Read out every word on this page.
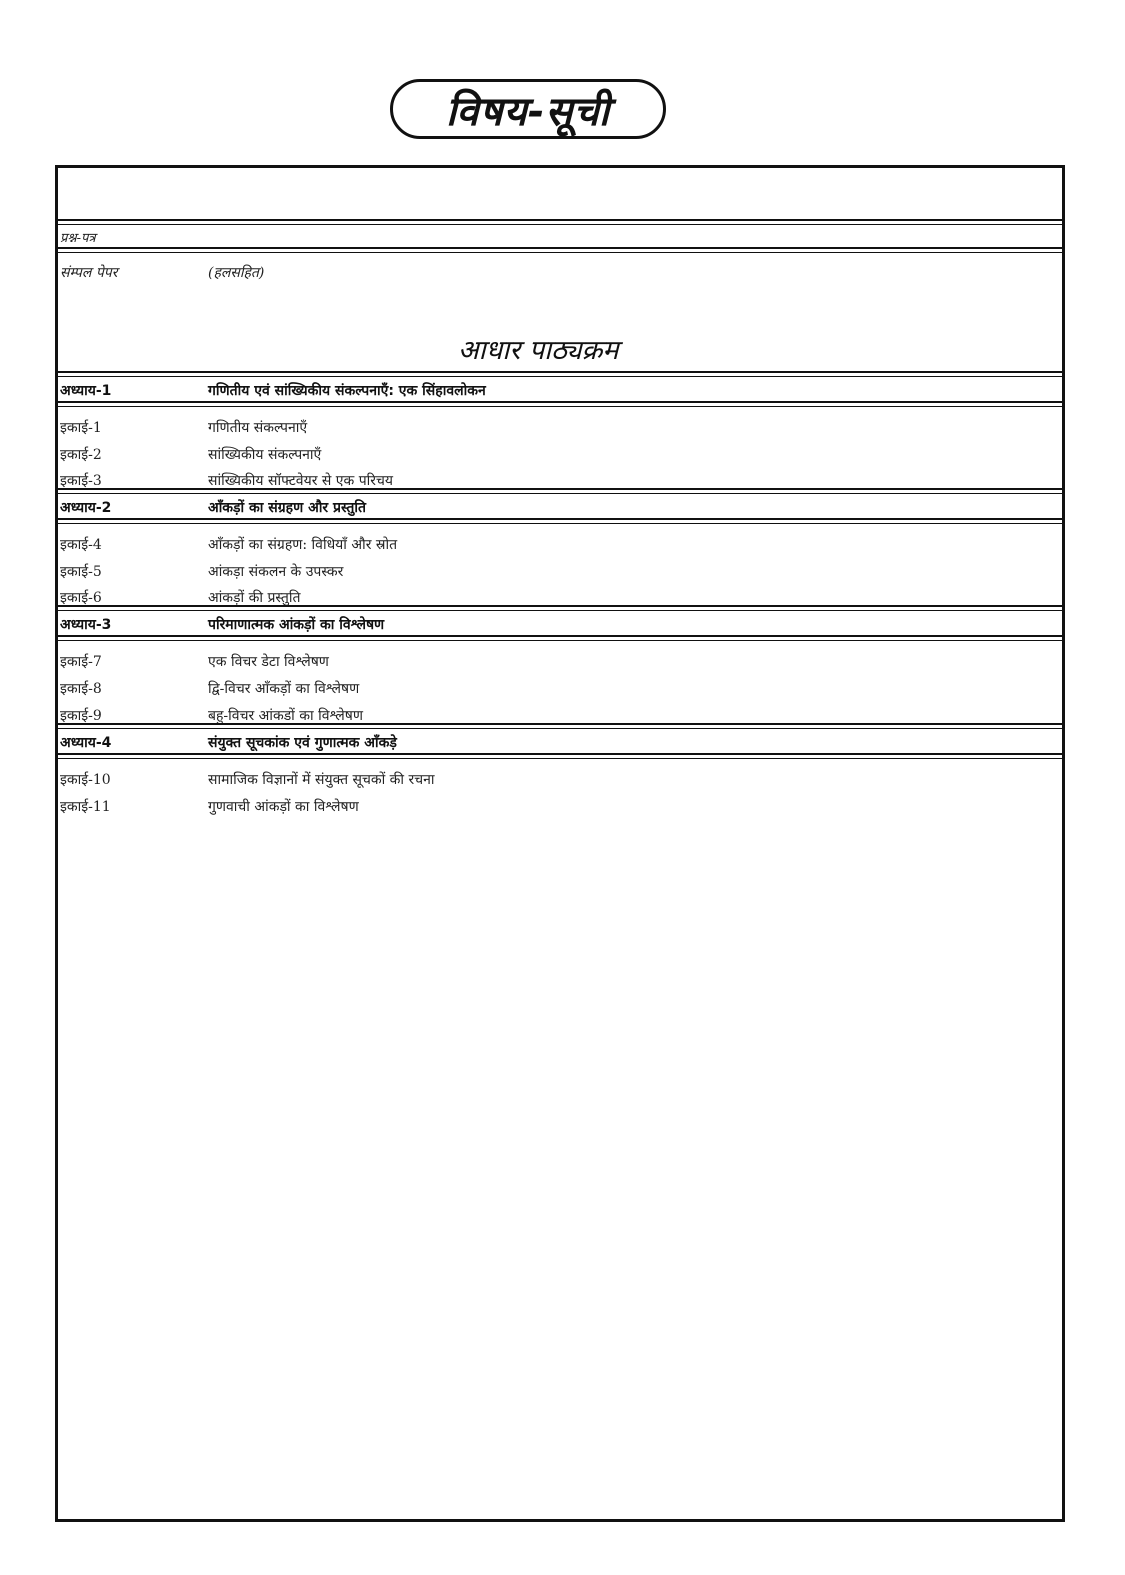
विषय-सूची
प्रश्न-पत्र
संम्पल पेपर	(हलसहित)
आधार पाठ्यक्रम
अध्याय-1	गणितीय एवं सांख्यिकीय संकल्पनाएँ: एक सिंहावलोकन
इकाई-1	गणितीय संकल्पनाएँ
इकाई-2	सांख्यिकीय संकल्पनाएँ
इकाई-3	सांख्यिकीय सॉफ्टवेयर से एक परिचय
अध्याय-2	आँकड़ों का संग्रहण और प्रस्तुति
इकाई-4	आँकड़ों का संग्रहण: विधियाँ और स्रोत
इकाई-5	आंकड़ा संकलन के उपस्कर
इकाई-6	आंकड़ों की प्रस्तुति
अध्याय-3	परिमाणात्मक आंकड़ों का विश्लेषण
इकाई-7	एक विचर डेटा विश्लेषण
इकाई-8	द्वि-विचर आँकड़ों का विश्लेषण
इकाई-9	बहु-विचर आंकडों का विश्लेषण
अध्याय-4	संयुक्त सूचकांक एवं गुणात्मक आँकड़े
इकाई-10	सामाजिक विज्ञानों में संयुक्त सूचकों की रचना
इकाई-11	गुणवाची आंकड़ों का विश्लेषण
